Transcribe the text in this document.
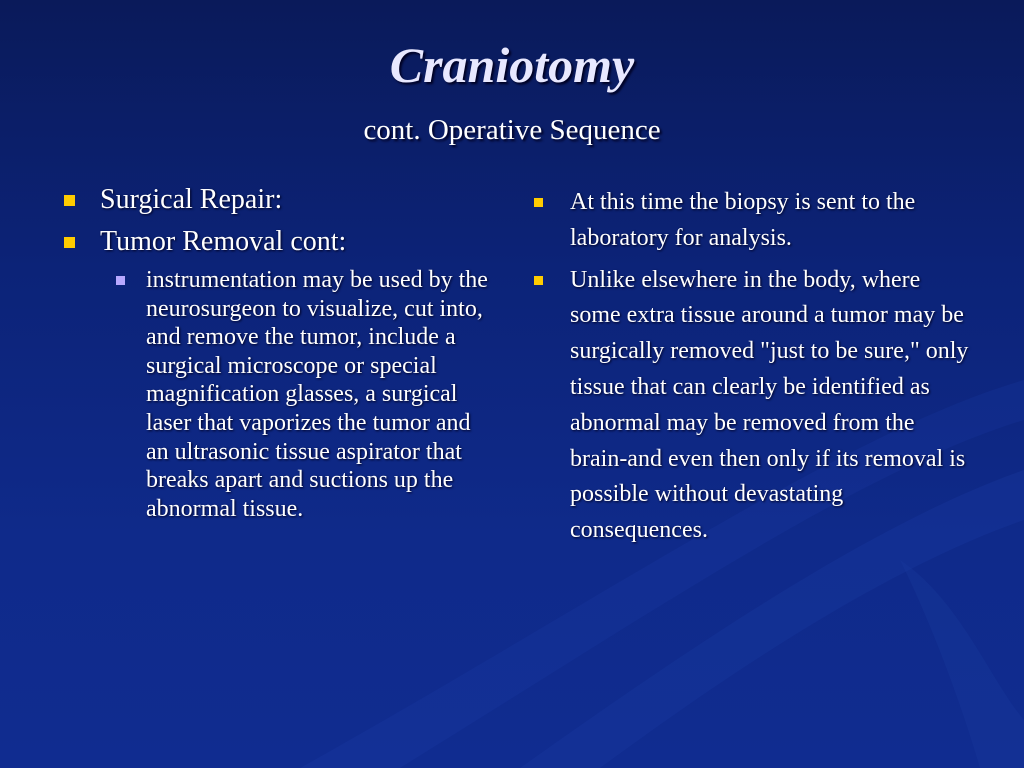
Craniotomy
cont. Operative Sequence
Surgical Repair:
Tumor Removal cont:
instrumentation may be used by the neurosurgeon to visualize, cut into, and remove the tumor, include a surgical microscope or special magnification glasses, a surgical laser that vaporizes the tumor and an ultrasonic tissue aspirator that breaks apart and suctions up the abnormal tissue.
At this time the biopsy is sent to the laboratory for analysis.
Unlike elsewhere in the body, where some extra tissue around a tumor may be surgically removed "just to be sure," only tissue that can clearly be identified as abnormal may be removed from the brain-and even then only if its removal is possible without devastating consequences.
